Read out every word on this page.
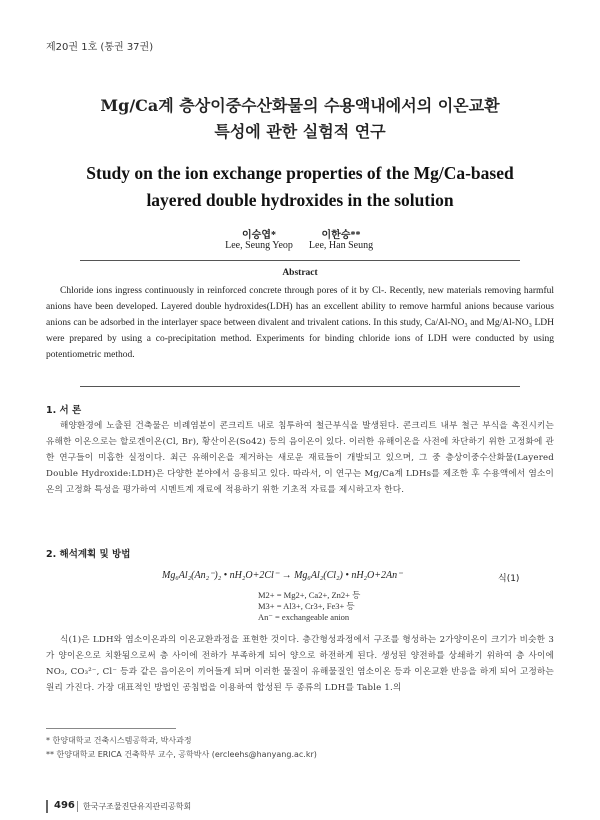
제20권 1호 (통권 37권)
Mg/Ca계 층상이중수산화물의 수용액내에서의 이온교환
특성에 관한 실험적 연구
Study on the ion exchange properties of the Mg/Ca-based
layered double hydroxides in the solution
이승엽*	이한승**
Lee, Seung Yeop Lee, Han Seung
Abstract
Chloride ions ingress continuously in reinforced concrete through pores of it by Cl-. Recently, new materials removing harmful anions have been developed. Layered double hydroxides(LDH) has an excellent ability to remove harmful anions because various anions can be adsorbed in the interlayer space between divalent and trivalent cations. In this study, Ca/Al-NO₃ and Mg/Al-NO₃ LDH were prepared by using a co-precipitation method. Experiments for binding chloride ions of LDH were conducted by using potentiometric method.
1. 서 론
해양환경에 노출된 건축물은 비례염분이 콘크리트 내로 침투하여 철근부식을 발생된다. 콘크리트 내부 철근 부식을 촉진시키는 유해한 이온으로는 할로겐이온(Cl, Br), 황산이온(So42) 등의 음이온이 있다. 이러한 유해이온을 사전에 차단하기 위한 고정화에 관한 연구들이 미흡한 실정이다. 최근 유해이온을 제거하는 새로운 재료들이 개발되고 있으며, 그 중 층상이중수산화물(Layered Double Hydroxide:LDH)은 다양한 분야에서 응용되고 있다. 따라서, 이 연구는 Mg/Ca계 LDHs를 제조한 후 수용액에서 염소이온의 고정화 특성을 평가하여 시멘트계 재료에 적용하기 위한 기초적 자료를 제시하고자 한다.
2. 해석계획 및 방법
Mg₆Al₂(An₂⁻)₂ • nH₂O+2Cl⁻ → Mg₆Al₂(Cl₂) • nH₂O+2An⁻	식(1)
M2+ = Mg2+, Ca2+, Zn2+ 등
M3+ = Al3+, Cr3+, Fe3+ 등
An⁻ = exchangeable anion
식(1)은 LDH와 염소이온과의 이온교환과정을 표현한 것이다. 층간형성과정에서 구조를 형성하는 2가양이온이 크기가 비슷한 3가 양이온으로 치환됨으로써 층 사이에 전하가 부족하게 되어 양으로 하전하게 된다. 생성된 양전하를 상쇄하기 위하여 층 사이에 NO₃, CO₃²⁻, Cl⁻ 등과 같은 음이온이 끼어들게 되며 이러한 물질이 유해물질인 염소이온 등과 이온교환 반응을 하게 되어 고정하는 원리 가진다. 가장 대표적인 방법인 공침법을 이용하여 합성된 두 종류의 LDH를 Table 1.의
* 한양대학교 건축시스템공학과, 박사과정
** 한양대학교 ERICA 건축학부 교수, 공학박사 (ercleehs@hanyang.ac.kr)
496 한국구조물진단유지관리공학회
